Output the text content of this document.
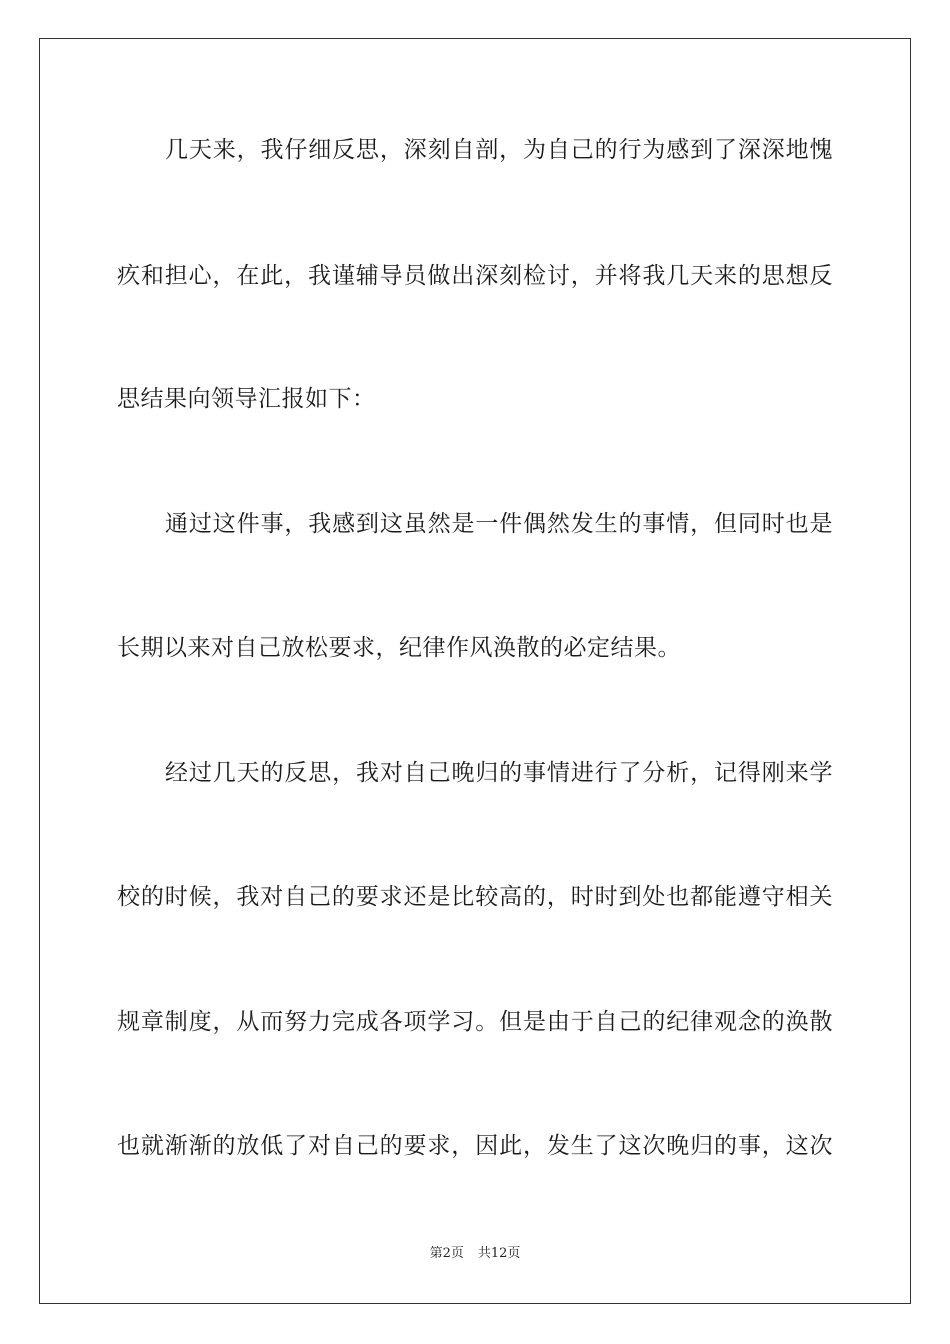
几天来，我仔细反思，深刻自剖，为自己的行为感到了深深地愧
疚和担心，在此，我谨辅导员做出深刻检讨，并将我几天来的思想反
思结果向领导汇报如下：
通过这件事，我感到这虽然是一件偶然发生的事情，但同时也是
长期以来对自己放松要求，纪律作风涣散的必定结果。
经过几天的反思，我对自己晚归的事情进行了分析，记得刚来学
校的时候，我对自己的要求还是比较高的，时时到处也都能遵守相关
规章制度，从而努力完成各项学习。但是由于自己的纪律观念的涣散
也就渐渐的放低了对自己的要求，因此，发生了这次晚归的事，这次
第2页 共12页
